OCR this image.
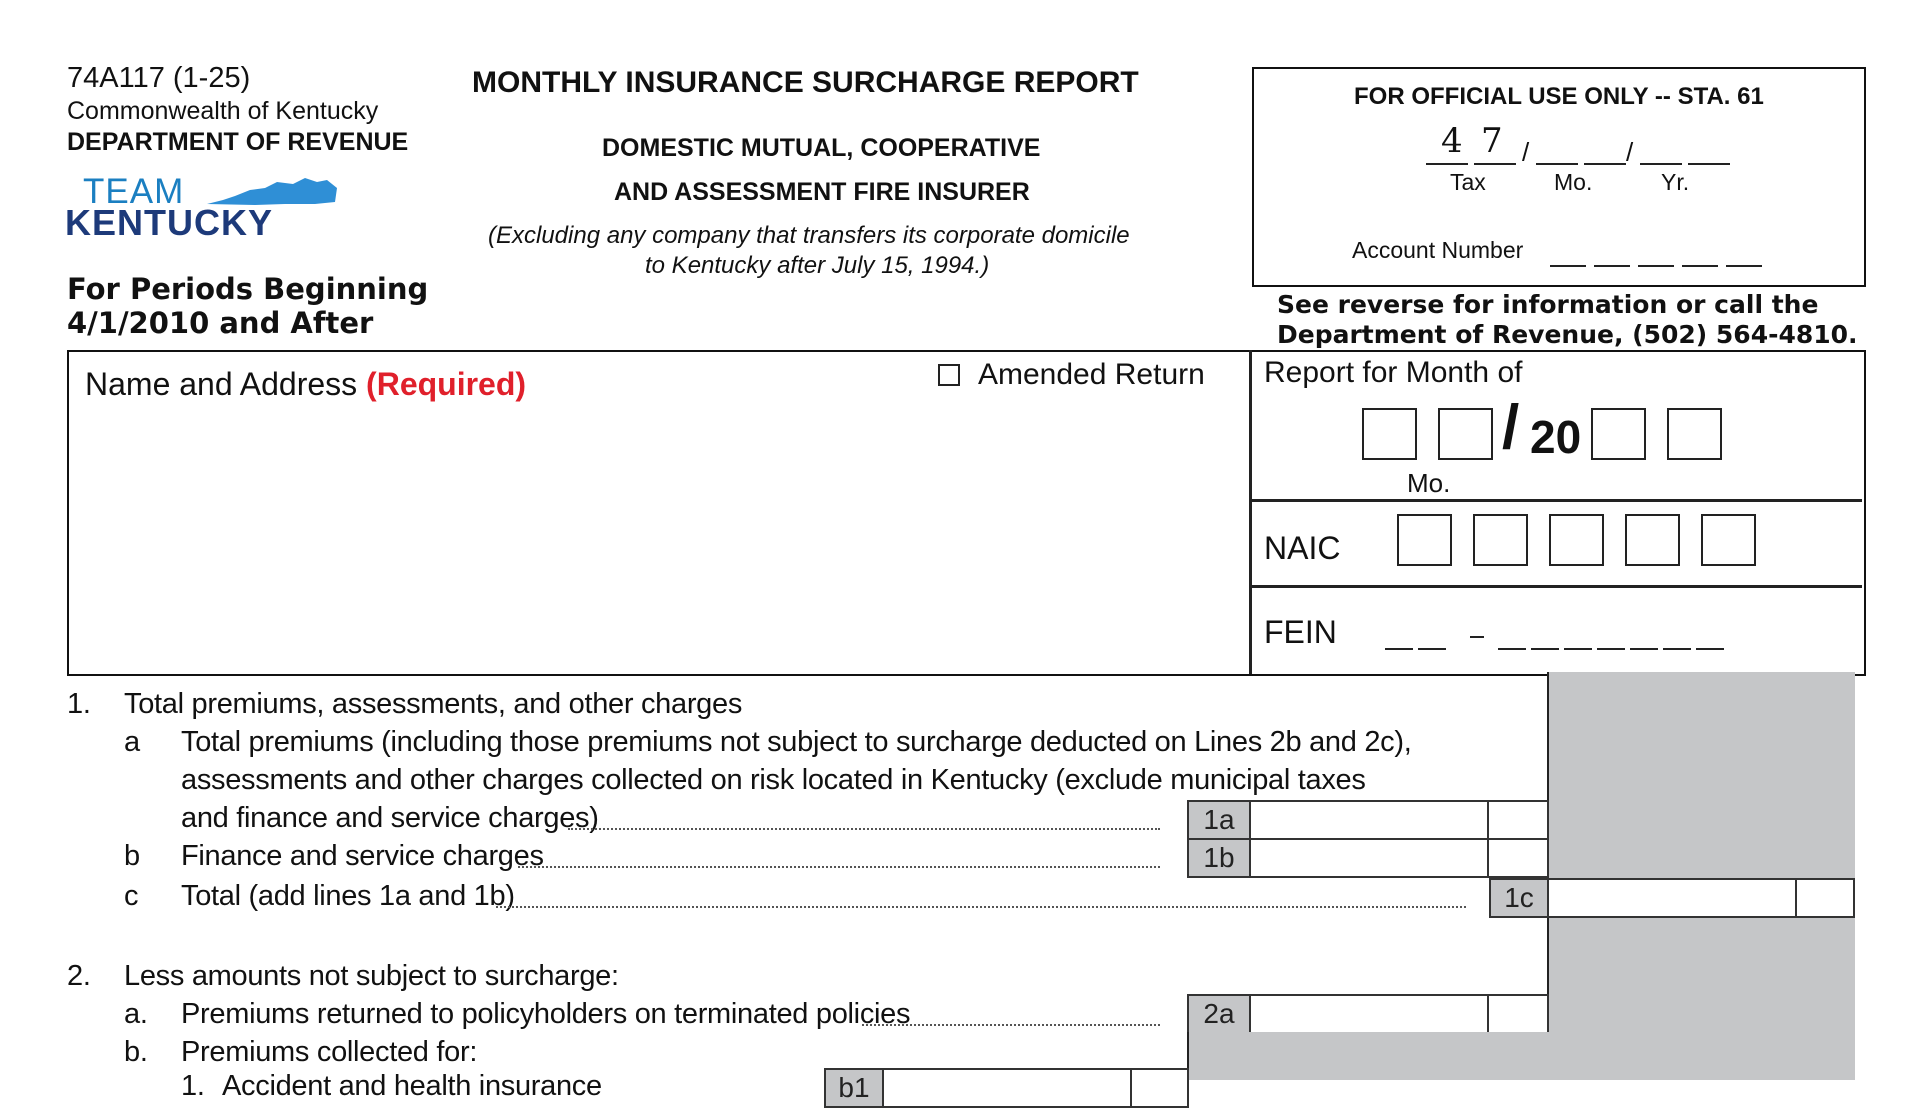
74A117 (1-25)
Commonwealth of Kentucky
DEPARTMENT OF REVENUE
TEAM
KENTUCKY
For Periods Beginning
4/1/2010 and After
MONTHLY INSURANCE SURCHARGE REPORT
DOMESTIC MUTUAL, COOPERATIVE
AND ASSESSMENT FIRE INSURER
(Excluding any company that transfers its corporate domicile
to Kentucky after July 15, 1994.)
FOR OFFICIAL USE ONLY -- STA. 61
4 7 /	/
Tax	Mo.	Yr.
Account Number
See reverse for information or call the
Department of Revenue, (502) 564-4810.
Name and Address (Required)	Amended Return Report for Month of
/ 20
Mo.
NAIC
FEIN
1. Total premiums, assessments, and other charges
a Total premiums (including those premiums not subject to surcharge deducted on Lines 2b and 2c),
assessments and other charges collected on risk located in Kentucky (exclude municipal taxes
and finance and service charges)	1a
b Finance and service charges	1b
c Total (add lines 1a and 1b)	1c
2. Less amounts not subject to surcharge:
a. Premiums returned to policyholders on terminated policies	2a
b. Premiums collected for:
1. Accident and health insurance	b1
